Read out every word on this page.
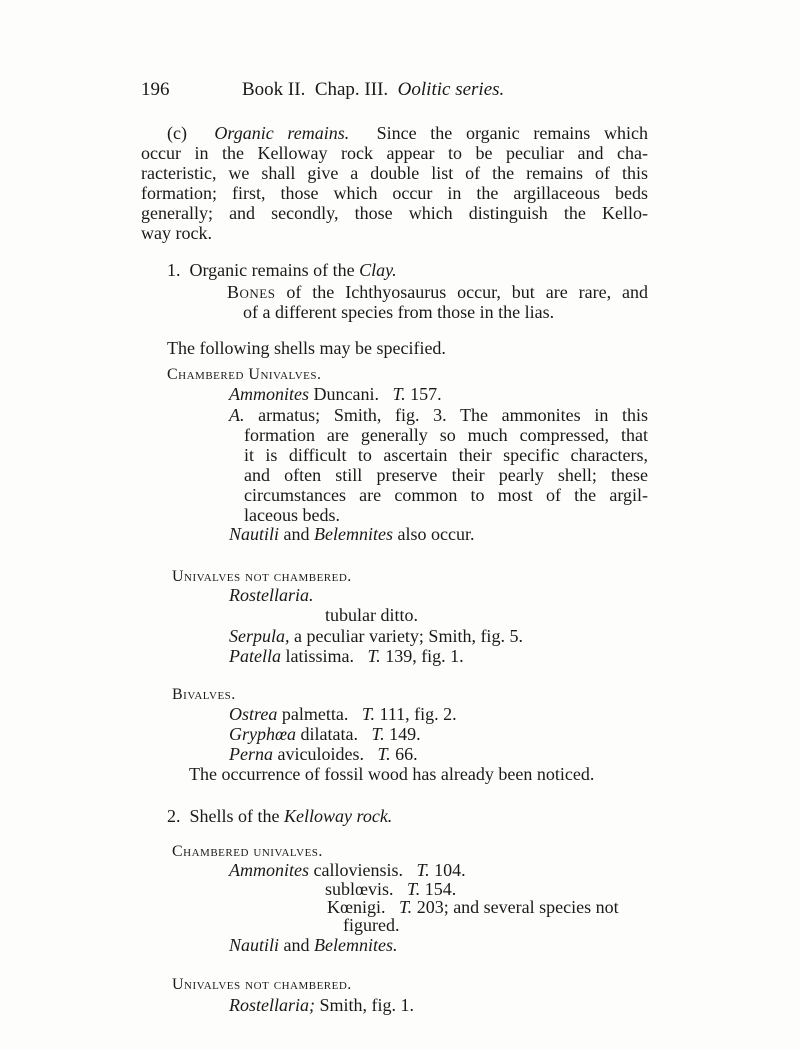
196	Book II. Chap. III. Oolitic series.
(c) Organic remains. Since the organic remains which
occur in the Kelloway rock appear to be peculiar and cha-
racteristic, we shall give a double list of the remains of this
formation; first, those which occur in the argillaceous beds
generally; and secondly, those which distinguish the Kello-
way rock.
1. Organic remains of the Clay.
Bones of the Ichthyosaurus occur, but are rare, and
of a different species from those in the lias.
The following shells may be specified.
Chambered Univalves.
Ammonites Duncani. T. 157.
A. armatus; Smith, fig. 3. The ammonites in this
formation are generally so much compressed, that
it is difficult to ascertain their specific characters,
and often still preserve their pearly shell; these
circumstances are common to most of the argil-
laceous beds.
Nautili and Belemnites also occur.
Univalves not chambered.
Rostellaria.
tubular ditto.
Serpula, a peculiar variety; Smith, fig. 5.
Patella latissima. T. 139, fig. 1.
Bivalves.
Ostrea palmetta. T. 111, fig. 2.
Gryphœa dilatata. T. 149.
Perna aviculoides. T. 66.
The occurrence of fossil wood has already been noticed.
2. Shells of the Kelloway rock.
Chambered univalves.
Ammonites calloviensis. T. 104.
sublœvis. T. 154.
Kœnigi. T. 203; and several species not
figured.
Nautili and Belemnites.
Univalves not chambered.
Rostellaria; Smith, fig. 1.
